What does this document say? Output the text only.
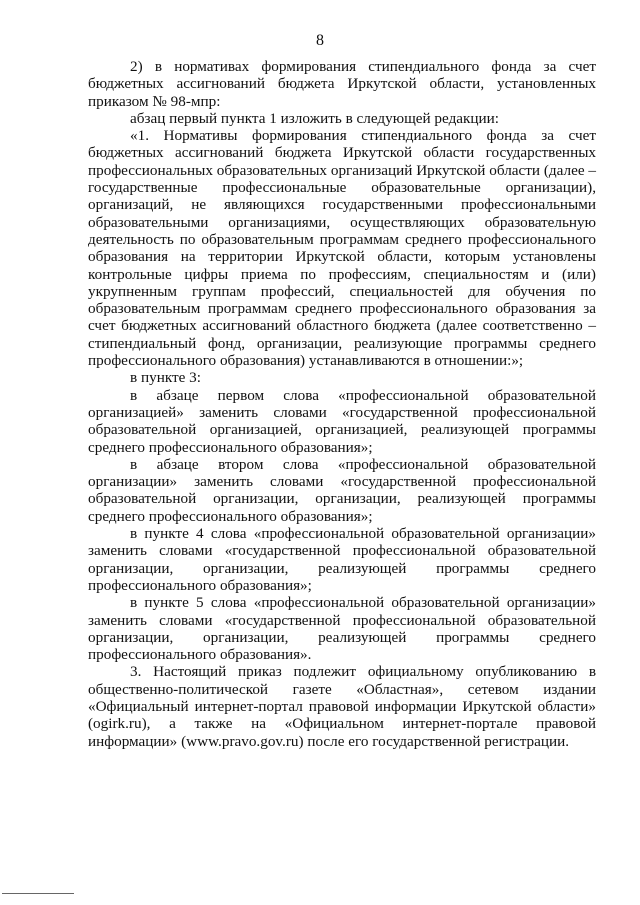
8

2) в нормативах формирования стипендиального фонда за счет бюджетных ассигнований бюджета Иркутской области, установленных приказом № 98-мпр:

абзац первый пункта 1 изложить в следующей редакции:

«1. Нормативы формирования стипендиального фонда за счет бюджетных ассигнований бюджета Иркутской области государственных профессиональных образовательных организаций Иркутской области (далее – государственные профессиональные образовательные организации), организаций, не являющихся государственными профессиональными образовательными организациями, осуществляющих образовательную деятельность по образовательным программам среднего профессионального образования на территории Иркутской области, которым установлены контрольные цифры приема по профессиям, специальностям и (или) укрупненным группам профессий, специальностей для обучения по образовательным программам среднего профессионального образования за счет бюджетных ассигнований областного бюджета (далее соответственно – стипендиальный фонд, организации, реализующие программы среднего профессионального образования) устанавливаются в отношении:»;

в пункте 3:

в абзаце первом слова «профессиональной образовательной организацией» заменить словами «государственной профессиональной образовательной организацией, организацией, реализующей программы среднего профессионального образования»;

в абзаце втором слова «профессиональной образовательной организации» заменить словами «государственной профессиональной образовательной организации, организации, реализующей программы среднего профессионального образования»;

в пункте 4 слова «профессиональной образовательной организации» заменить словами «государственной профессиональной образовательной организации, организации, реализующей программы среднего профессионального образования»;

в пункте 5 слова «профессиональной образовательной организации» заменить словами «государственной профессиональной образовательной организации, организации, реализующей программы среднего профессионального образования».

3. Настоящий приказ подлежит официальному опубликованию в общественно-политической газете «Областная», сетевом издании «Официальный интернет-портал правовой информации Иркутской области» (ogirk.ru), а также на «Официальном интернет-портале правовой информации» (www.pravo.gov.ru) после его государственной регистрации.
